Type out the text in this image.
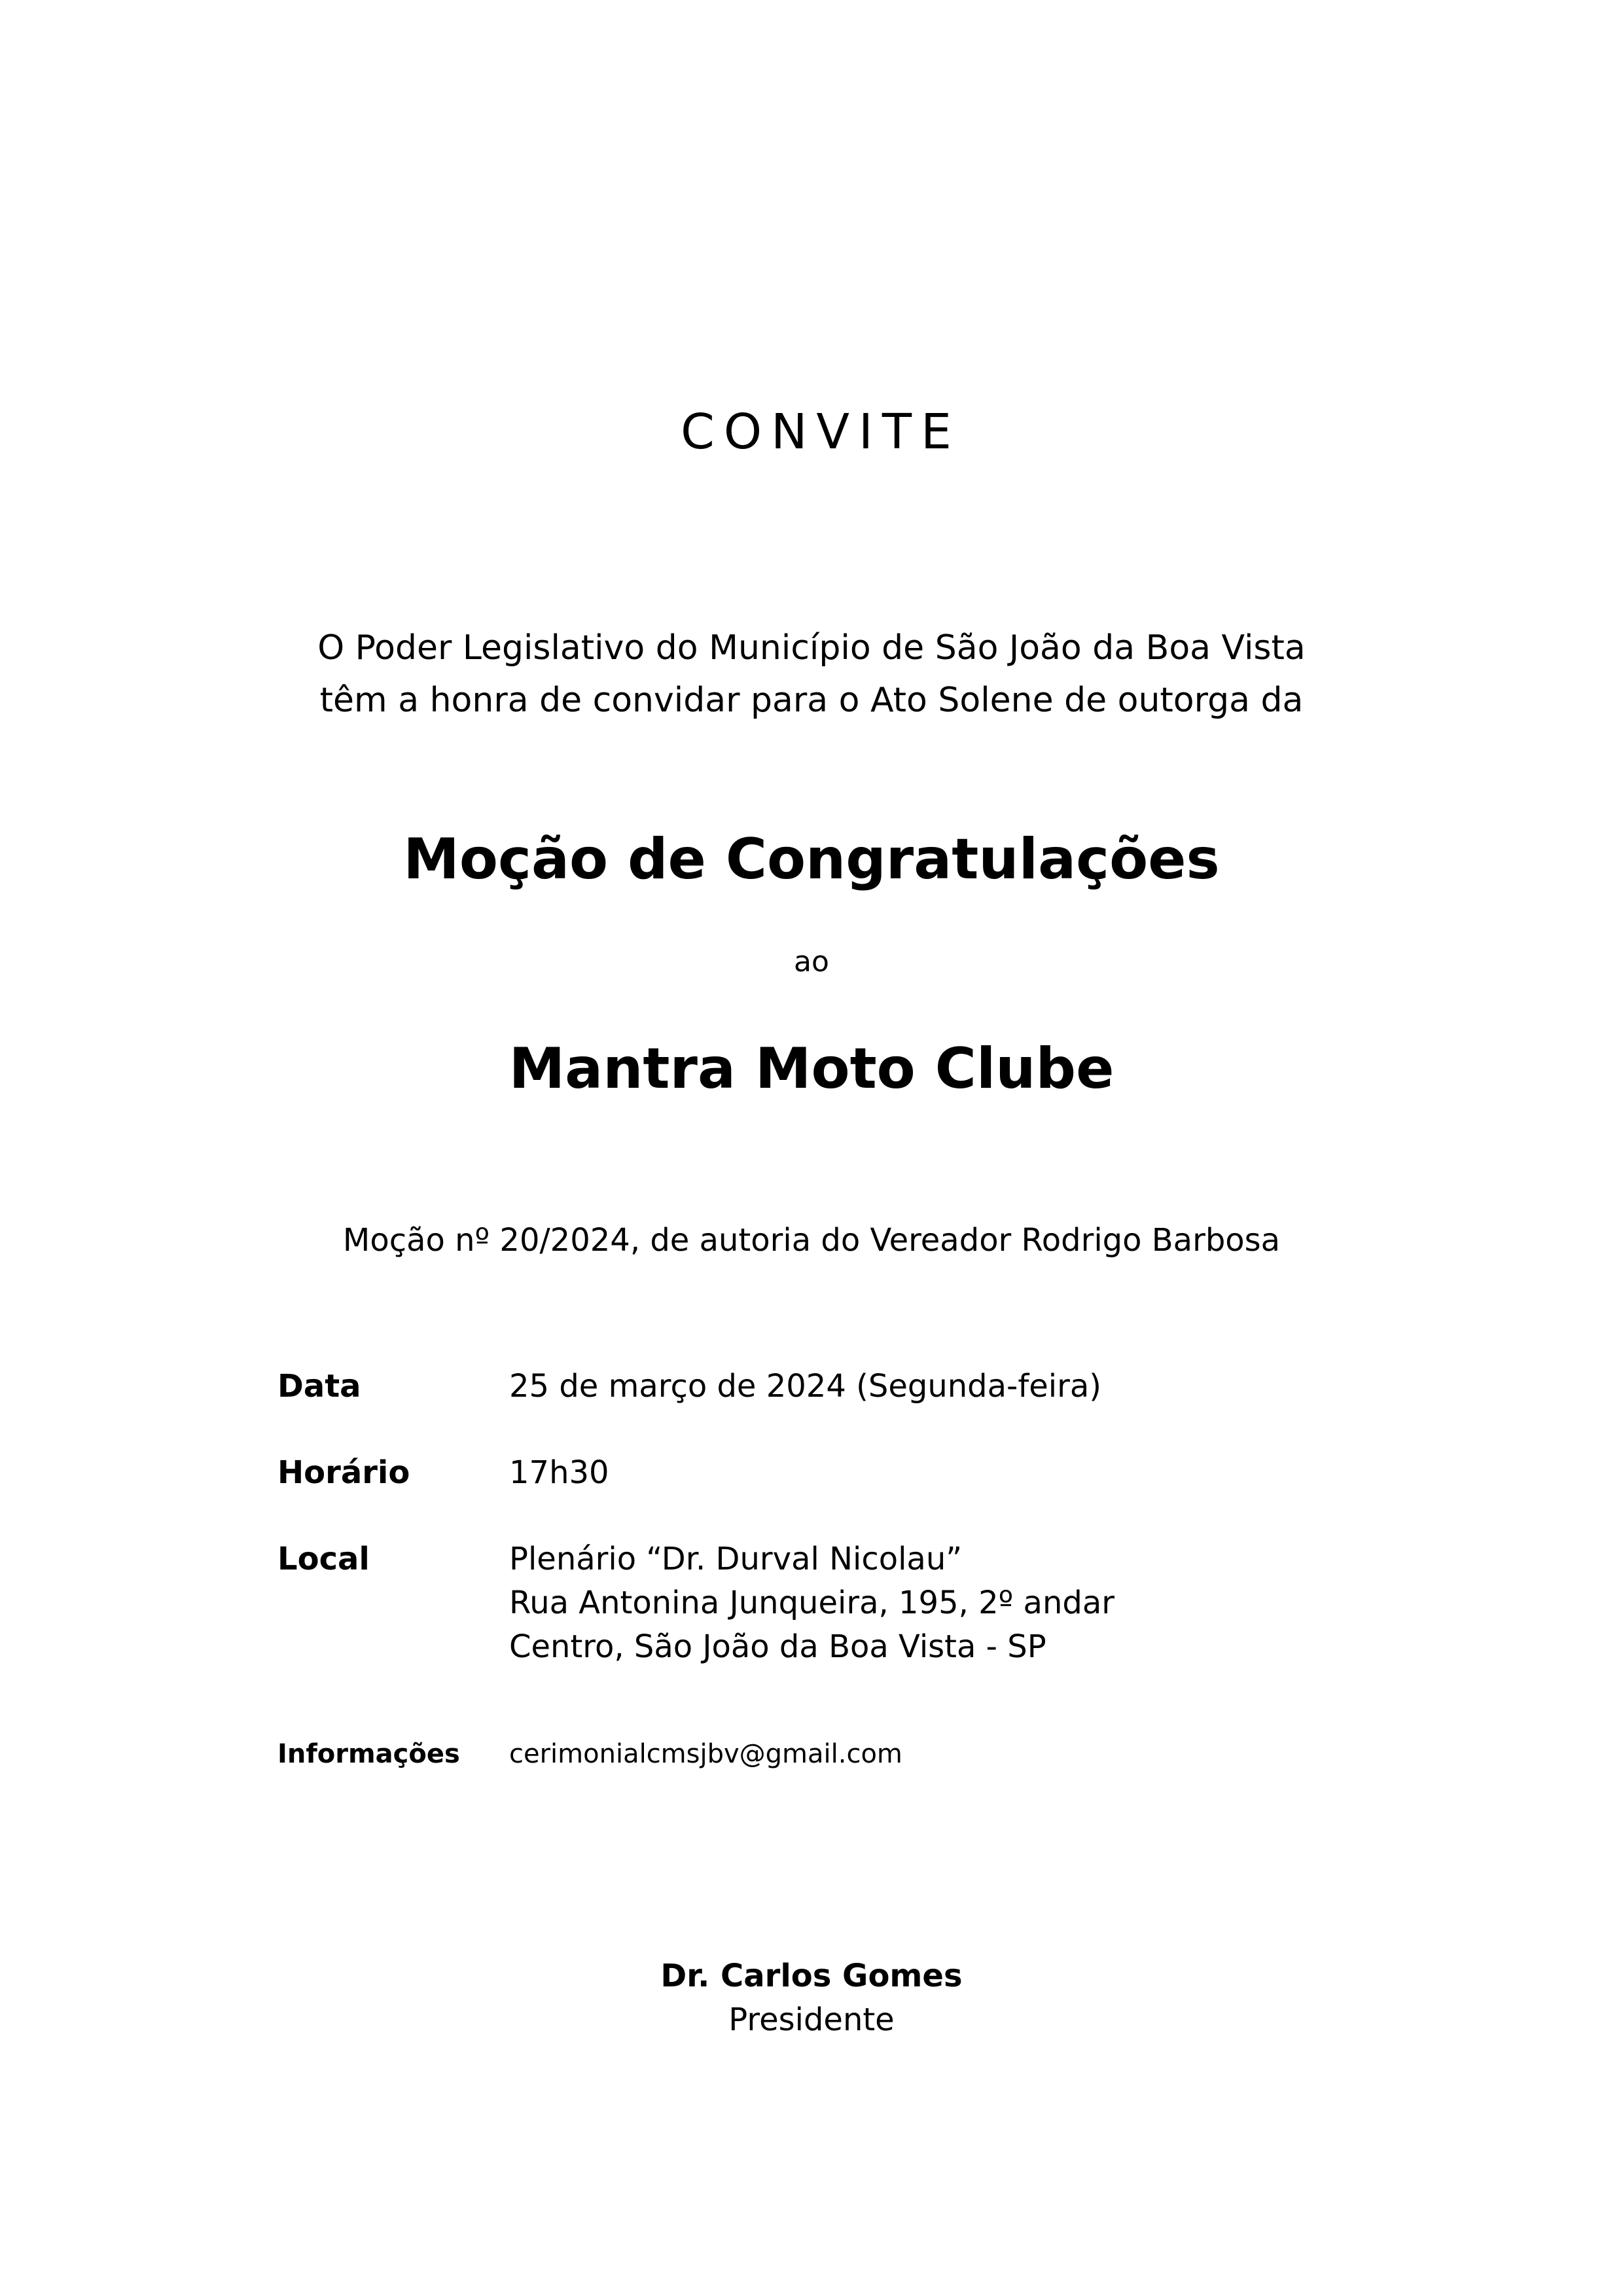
CONVITE
O Poder Legislativo do Município de São João da Boa Vista
têm a honra de convidar para o Ato Solene de outorga da
Moção de Congratulações
ao
Mantra Moto Clube
Moção nº 20/2024, de autoria do Vereador Rodrigo Barbosa
Data	25 de março de 2024 (Segunda-feira)
Horário	17h30
Local	Plenário “Dr. Durval Nicolau”
Rua Antonina Junqueira, 195, 2º andar
Centro, São João da Boa Vista - SP
Informações	cerimonialcmsjbv@gmail.com
Dr. Carlos Gomes
Presidente
